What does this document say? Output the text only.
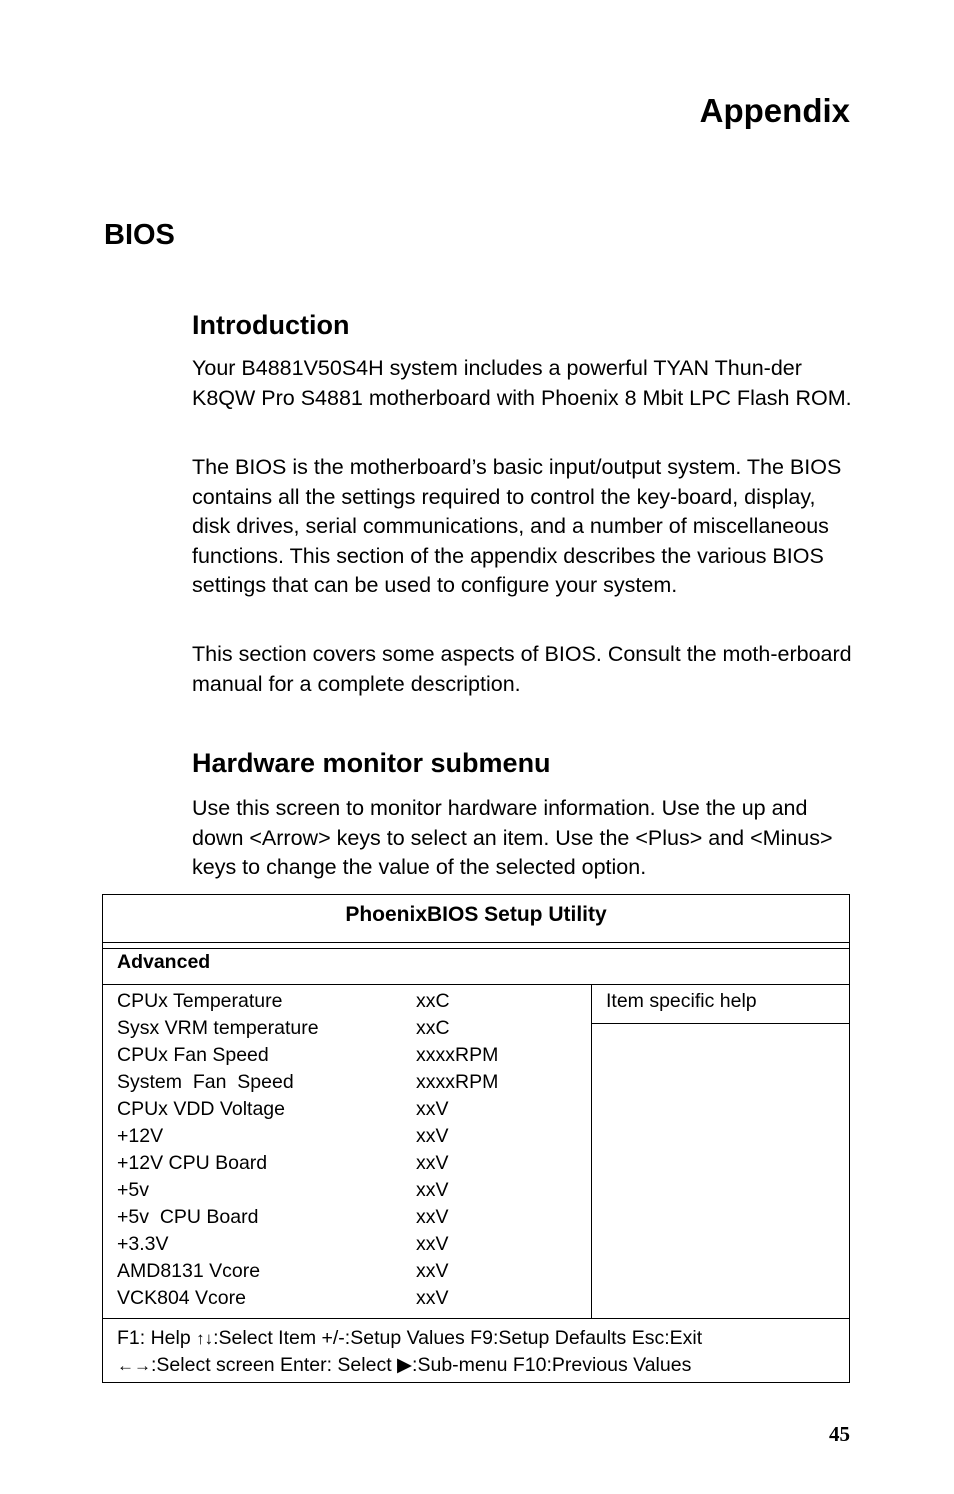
Appendix
BIOS
Introduction

Your B4881V50S4H system includes a powerful TYAN Thun-der K8QW Pro S4881 motherboard with Phoenix 8 Mbit LPC Flash ROM.

The BIOS is the motherboard’s basic input/output system. The BIOS contains all the settings required to control the key-board, display, disk drives, serial communications, and a number of miscellaneous functions. This section of the appendix describes the various BIOS settings that can be used to configure your system.

This section covers some aspects of BIOS. Consult the moth-erboard manual for a complete description.

Hardware monitor submenu

Use this screen to monitor hardware information. Use the up and down <Arrow> keys to select an item. Use the <Plus> and <Minus> keys to change the value of the selected option.

PhoenixBIOS Setup Utility
Advanced
CPUx Temperature	xxC
Sysx VRM temperature	xxC
CPUx Fan Speed	xxxxRPM
System  Fan  Speed	xxxxRPM
CPUx VDD Voltage	xxV
+12V	xxV
+12V CPU Board	xxV
+5v	xxV
+5v  CPU Board	xxV
+3.3V	xxV
AMD8131 Vcore	xxV
VCK804 Vcore	xxV
Item specific help
F1: Help ↑↓:Select Item +/-:Setup Values F9:Setup Defaults Esc:Exit
←→:Select screen Enter: Select ▶:Sub-menu F10:Previous Values
45
